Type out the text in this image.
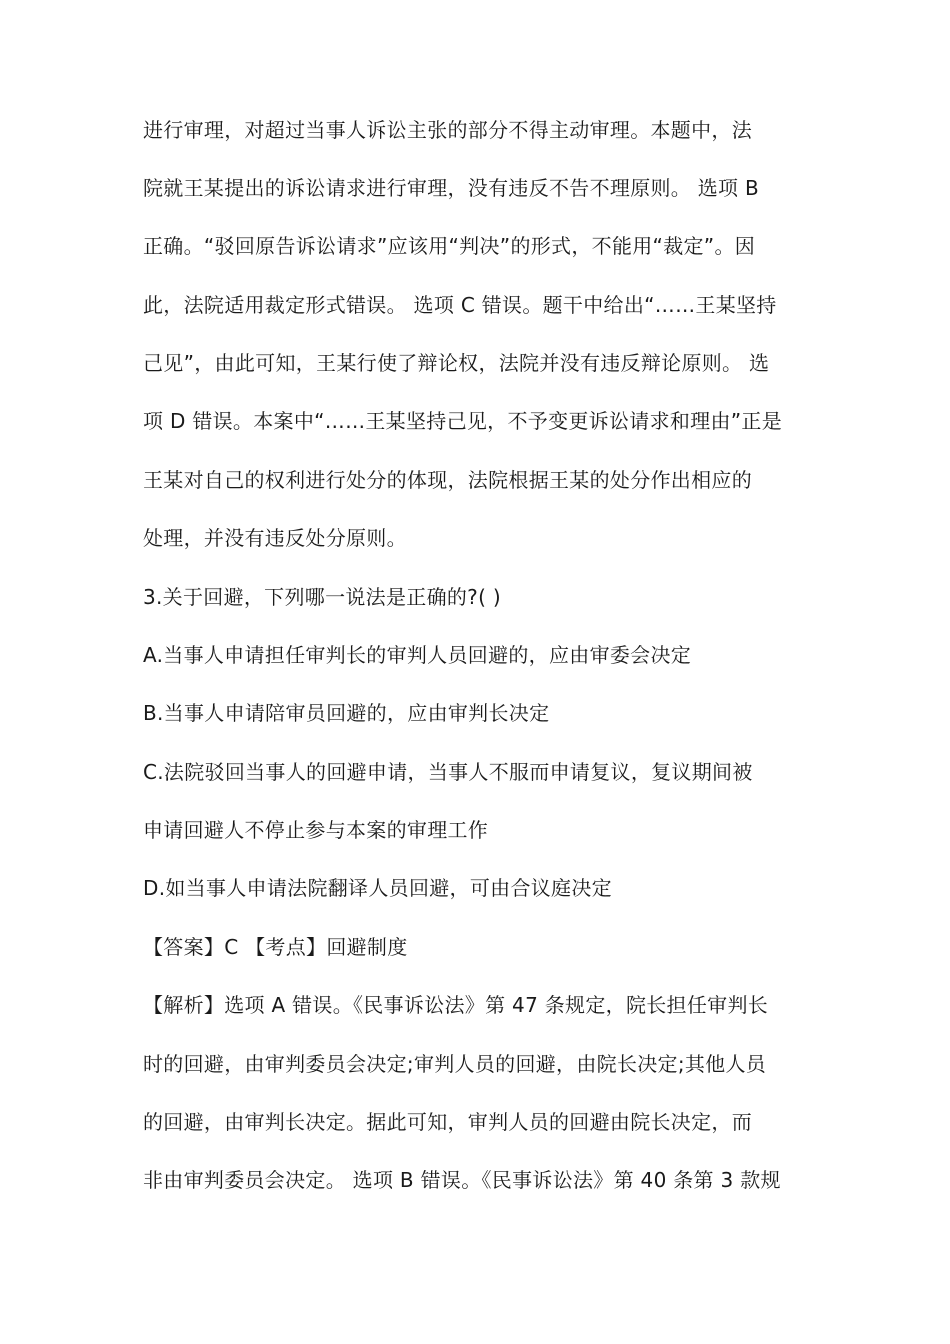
进行审理，对超过当事人诉讼主张的部分不得主动审理。本题中，法
院就王某提出的诉讼请求进行审理，没有违反不告不理原则。 选项 B
正确。“驳回原告诉讼请求”应该用“判决”的形式，不能用“裁定”。因
此，法院适用裁定形式错误。 选项 C 错误。题干中给出“……王某坚持
己见”，由此可知，王某行使了辩论权，法院并没有违反辩论原则。 选
项 D 错误。本案中“……王某坚持己见，不予变更诉讼请求和理由”正是
王某对自己的权利进行处分的体现，法院根据王某的处分作出相应的
处理，并没有违反处分原则。
3.关于回避，下列哪一说法是正确的?( )
A.当事人申请担任审判长的审判人员回避的，应由审委会决定
B.当事人申请陪审员回避的，应由审判长决定
C.法院驳回当事人的回避申请，当事人不服而申请复议，复议期间被
申请回避人不停止参与本案的审理工作
D.如当事人申请法院翻译人员回避，可由合议庭决定
【答案】C 【考点】回避制度
【解析】选项 A 错误。《民事诉讼法》第 47 条规定，院长担任审判长
时的回避，由审判委员会决定;审判人员的回避，由院长决定;其他人员
的回避，由审判长决定。据此可知，审判人员的回避由院长决定，而
非由审判委员会决定。 选项 B 错误。《民事诉讼法》第 40 条第 3 款规
